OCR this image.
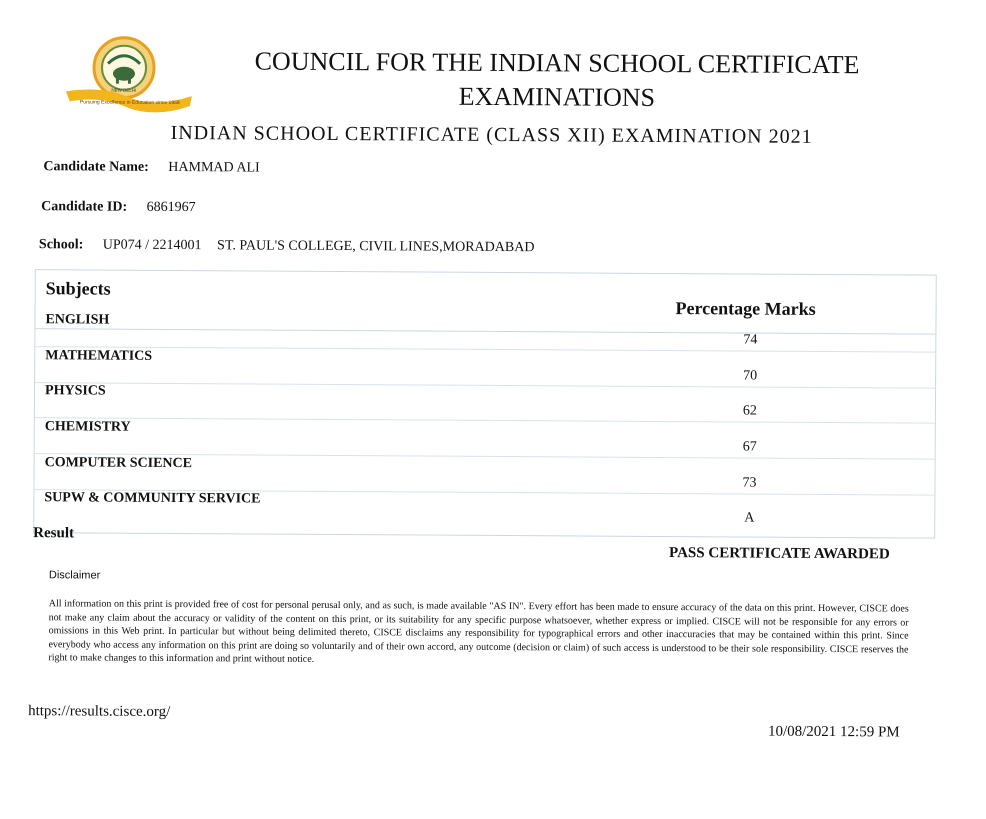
Pursuing Excellence in Education since 1958
NEW DELHI
COUNCIL FOR THE INDIAN SCHOOL CERTIFICATE EXAMINATIONS
INDIAN SCHOOL CERTIFICATE (CLASS XII) EXAMINATION 2021
Candidate Name: HAMMAD ALI
Candidate ID: 6861967
School: UP074 / 2214001 ST. PAUL'S COLLEGE, CIVIL LINES,MORADABAD
Subjects
Percentage Marks
ENGLISH
74
MATHEMATICS
70
PHYSICS
62
CHEMISTRY
67
COMPUTER SCIENCE
73
SUPW & COMMUNITY SERVICE
A
Result
PASS CERTIFICATE AWARDED
Disclaimer
All information on this print is provided free of cost for personal perusal only, and as such, is made available "AS IN". Every effort has been made to ensure accuracy of the data on this print. However, CISCE does not make any claim about the accuracy or validity of the content on this print, or its suitability for any specific purpose whatsoever, whether express or implied. CISCE will not be responsible for any errors or omissions in this Web print. In particular but without being delimited thereto, CISCE disclaims any responsibility for typographical errors and other inaccuracies that may be contained within this print. Since everybody who access any information on this print are doing so voluntarily and of their own accord, any outcome (decision or claim) of such access is understood to be their sole responsibility. CISCE reserves the right to make changes to this information and print without notice.
https://results.cisce.org/
10/08/2021 12:59 PM
